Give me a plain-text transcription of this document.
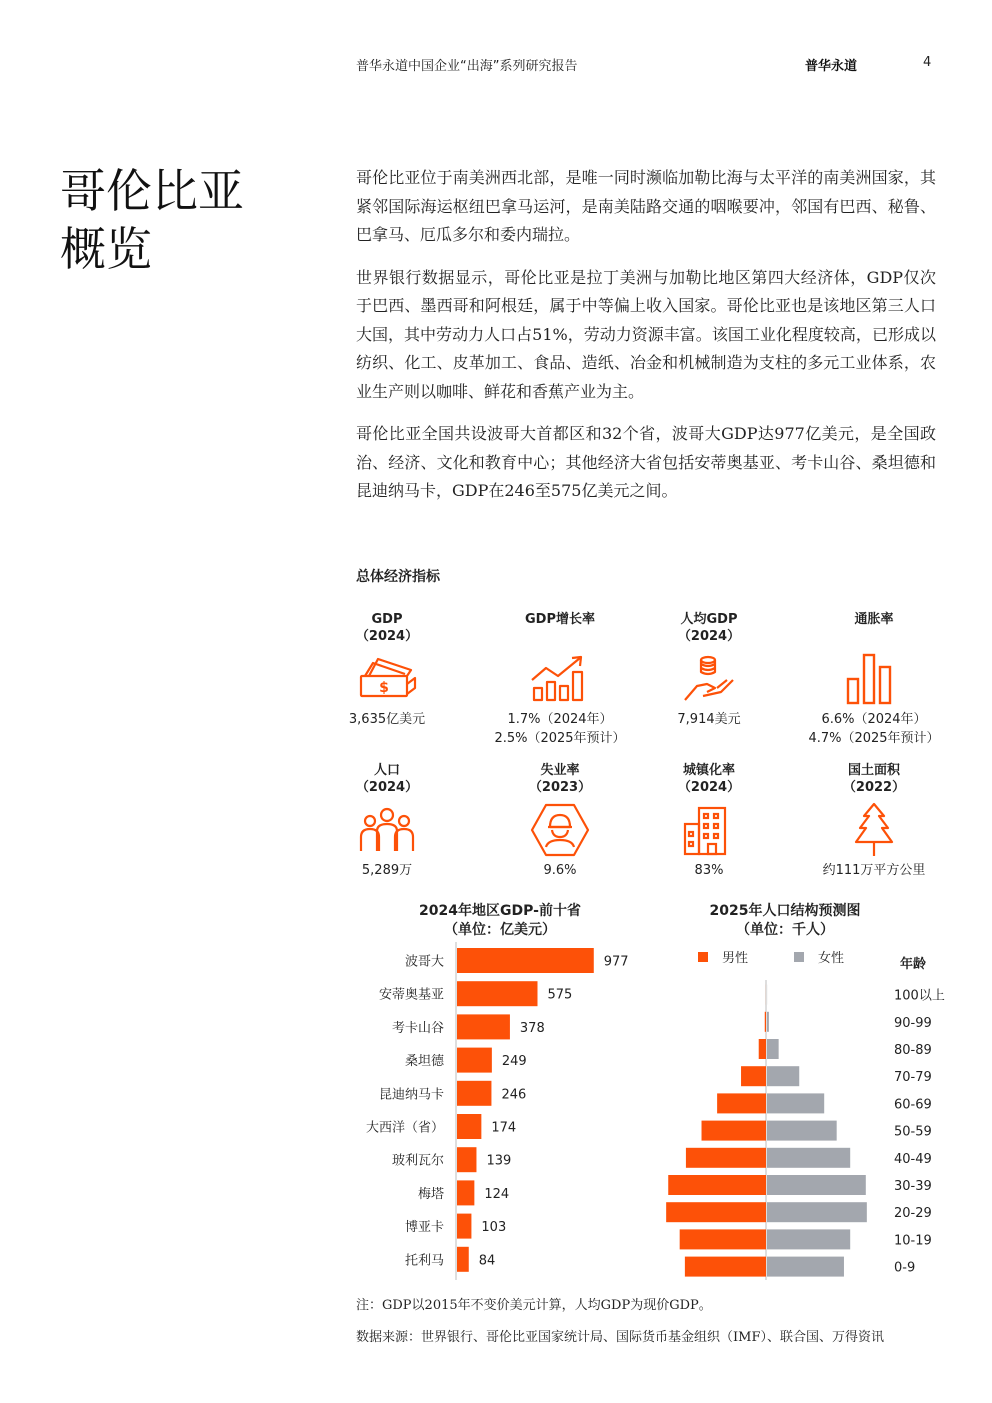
普华永道中国企业“出海”系列研究报告	普华永道	4
哥伦比亚
概览

哥伦比亚位于南美洲西北部，是唯一同时濒临加勒比海与太平洋的南美洲国家，其紧邻国际海运枢纽巴拿马运河，是南美陆路交通的咽喉要冲，邻国有巴西、秘鲁、巴拿马、厄瓜多尔和委内瑞拉。

世界银行数据显示，哥伦比亚是拉丁美洲与加勒比地区第四大经济体，GDP仅次于巴西、墨西哥和阿根廷，属于中等偏上收入国家。哥伦比亚也是该地区第三人口大国，其中劳动力人口占51%，劳动力资源丰富。该国工业化程度较高，已形成以纺织、化工、皮革加工、食品、造纸、冶金和机械制造为支柱的多元工业体系，农业生产则以咖啡、鲜花和香蕉产业为主。

哥伦比亚全国共设波哥大首都区和32个省，波哥大GDP达977亿美元，是全国政治、经济、文化和教育中心；其他经济大省包括安蒂奥基亚、考卡山谷、桑坦德和昆迪纳马卡，GDP在246至575亿美元之间。

总体经济指标
GDP
（2024）
$
3,635亿美元
GDP增长率
1.7%（2024年）
2.5%（2025年预计）
人均GDP
（2024）
7,914美元
通胀率
6.6%（2024年）
4.7%（2025年预计）
人口
（2024）
5,289万
失业率
（2023）
9.6%
城镇化率
（2024）
83%
国土面积
（2022）
约111万平方公里
2024年地区GDP-前十省
（单位：亿美元）
2025年人口结构预测图
（单位：千人）
波哥大	977
安蒂奥基亚	575
考卡山谷	378
桑坦德	249
昆迪纳马卡	246
大西洋（省）	174
玻利瓦尔	139
梅塔	124
博亚卡	103
托利马	84
男性	女性	年龄
100以上
90-99
80-89
70-79
60-69
50-59
40-49
30-39
20-29
10-19
0-9
注：GDP以2015年不变价美元计算，人均GDP为现价GDP。
数据来源：世界银行、哥伦比亚国家统计局、国际货币基金组织（IMF）、联合国、万得资讯
